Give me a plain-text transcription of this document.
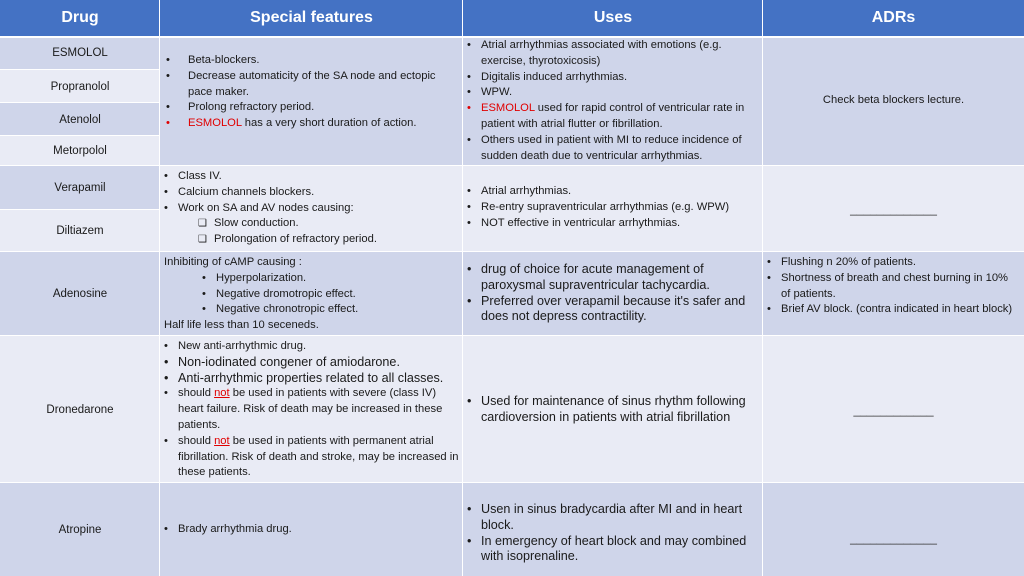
Drug	Special features	Uses	ADRs
ESMOLOL
Propranolol
Atenolol
Metorpolol
• Beta-blockers.
• Decrease automaticity of the SA node and ectopic pace maker.
• Prolong refractory period.
• ESMOLOL has a very short duration of action.
• Atrial arrhythmias associated with emotions (e.g. exercise, thyrotoxicosis)
• Digitalis induced arrhythmias.
• WPW.
• ESMOLOL used for rapid control of ventricular rate in patient with atrial flutter or fibrillation.
• Others used in patient with MI to reduce incidence of sudden death due to ventricular arrhythmias.
Check beta blockers lecture.
Verapamil
Diltiazem
• Class IV.
• Calcium channels blockers.
• Work on SA and AV nodes causing:
❑ Slow conduction.
❑ Prolongation of refractory period.
• Atrial arrhythmias.
• Re-entry supraventricular arrhythmias (e.g. WPW)
• NOT effective in ventricular arrhythmias.
_____________
Adenosine
Inhibiting of cAMP causing :
• Hyperpolarization.
• Negative dromotropic effect.
• Negative chronotropic effect.
Half life less than 10 seceneds.
• drug of choice for acute management of paroxysmal supraventricular tachycardia.
• Preferred over verapamil because it's safer and does not depress contractility.
• Flushing n 20% of patients.
• Shortness of breath and chest burning in 10% of patients.
• Brief AV block. (contra indicated in heart block)
Dronedarone
• New anti-arrhythmic drug.
• Non-iodinated congener of amiodarone.
• Anti-arrhythmic properties related to all classes.
• should not be used in patients with severe (class IV) heart failure. Risk of death may be increased in these patients.
• should not be used in patients with permanent atrial fibrillation. Risk of death and stroke, may be increased in these patients.
• Used for maintenance of sinus rhythm following cardioversion in patients with atrial fibrillation
____________
Atropine
•	Brady arrhythmia drug.
• Usen in sinus bradycardia after MI and in heart block.
• In emergency of heart block and may combined with isoprenaline.
_____________
